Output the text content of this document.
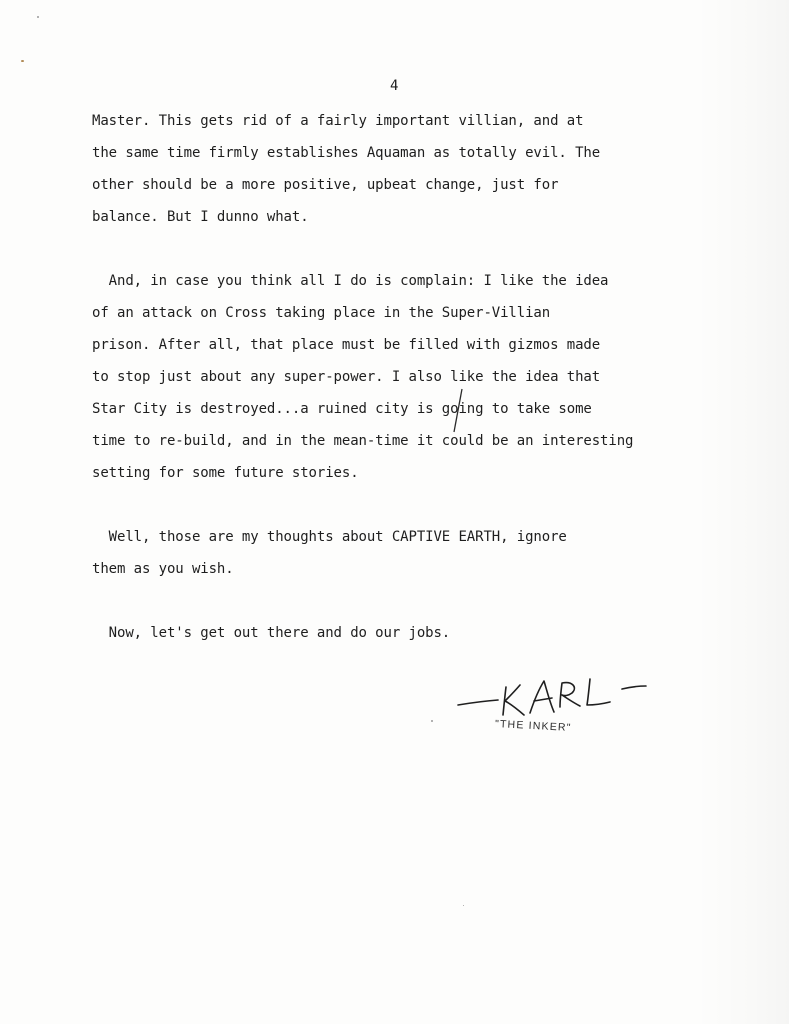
4
Master. This gets rid of a fairly important villian, and at
the same time firmly establishes Aquaman as totally evil. The
other should be a more positive, upbeat change, just for
balance. But I dunno what.
And, in case you think all I do is complain: I like the idea
of an attack on Cross taking place in the Super-Villian
prison. After all, that place must be filled with gizmos made
to stop just about any super-power. I also like the idea that
Star City is destroyed...a ruined city is going to take some
time to re-build, and in the mean-time it could be an interesting
setting for some future stories.
Well, those are my thoughts about CAPTIVE EARTH, ignore
them as you wish.
Now, let's get out there and do our jobs.
"THE INKER"
